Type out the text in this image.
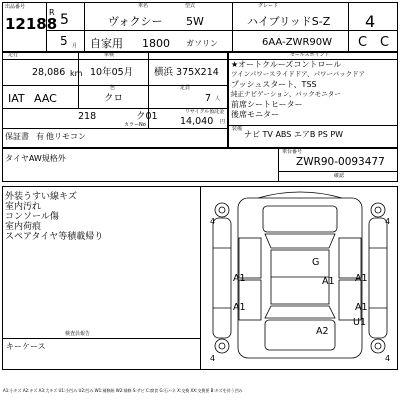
出品番号
12188
R 5
5 月
車名
ヴォクシー
型式
5W
グレード
ハイブリッドS-Z 4
自家用 1800 ガソリン	6AA-ZWR90W C C
走行
28,086 km
車検
10年05月 横浜 375X214
IAT AAC
色
クロ
定員
7 人
218	ク01
カラーNo
リサイクル預託金
14,040 円
保証書 有 他リモコン
セールスポイント
★オートクルーズコントロール
ツインパワースライドドア、パワーバックドア
プッシュスタート、TSS
純正ナビゲーション、バックモニター
前席シートヒーター
後席モニター
装備
ナビ TV ABS エアB PS PW
タイヤAW規格外
車台番号
ZWR90-0093477
確認
外装うすい線キズ
室内汚れ
コンソール傷
室内荷痕
スペアタイヤ等積載帰り
検査員報告
キーケース
4	4
4	4
A1
A1
A1
A1
A1
G
A2
U1
A1:小キズ A2:キズ A3:大キズ U1:小凹み U2:凹み W1:補修跡 W2:補修 S:サビ C:腐食 G:石ハネ X:交換 XX:交換要 B:キズを伴う凹み
